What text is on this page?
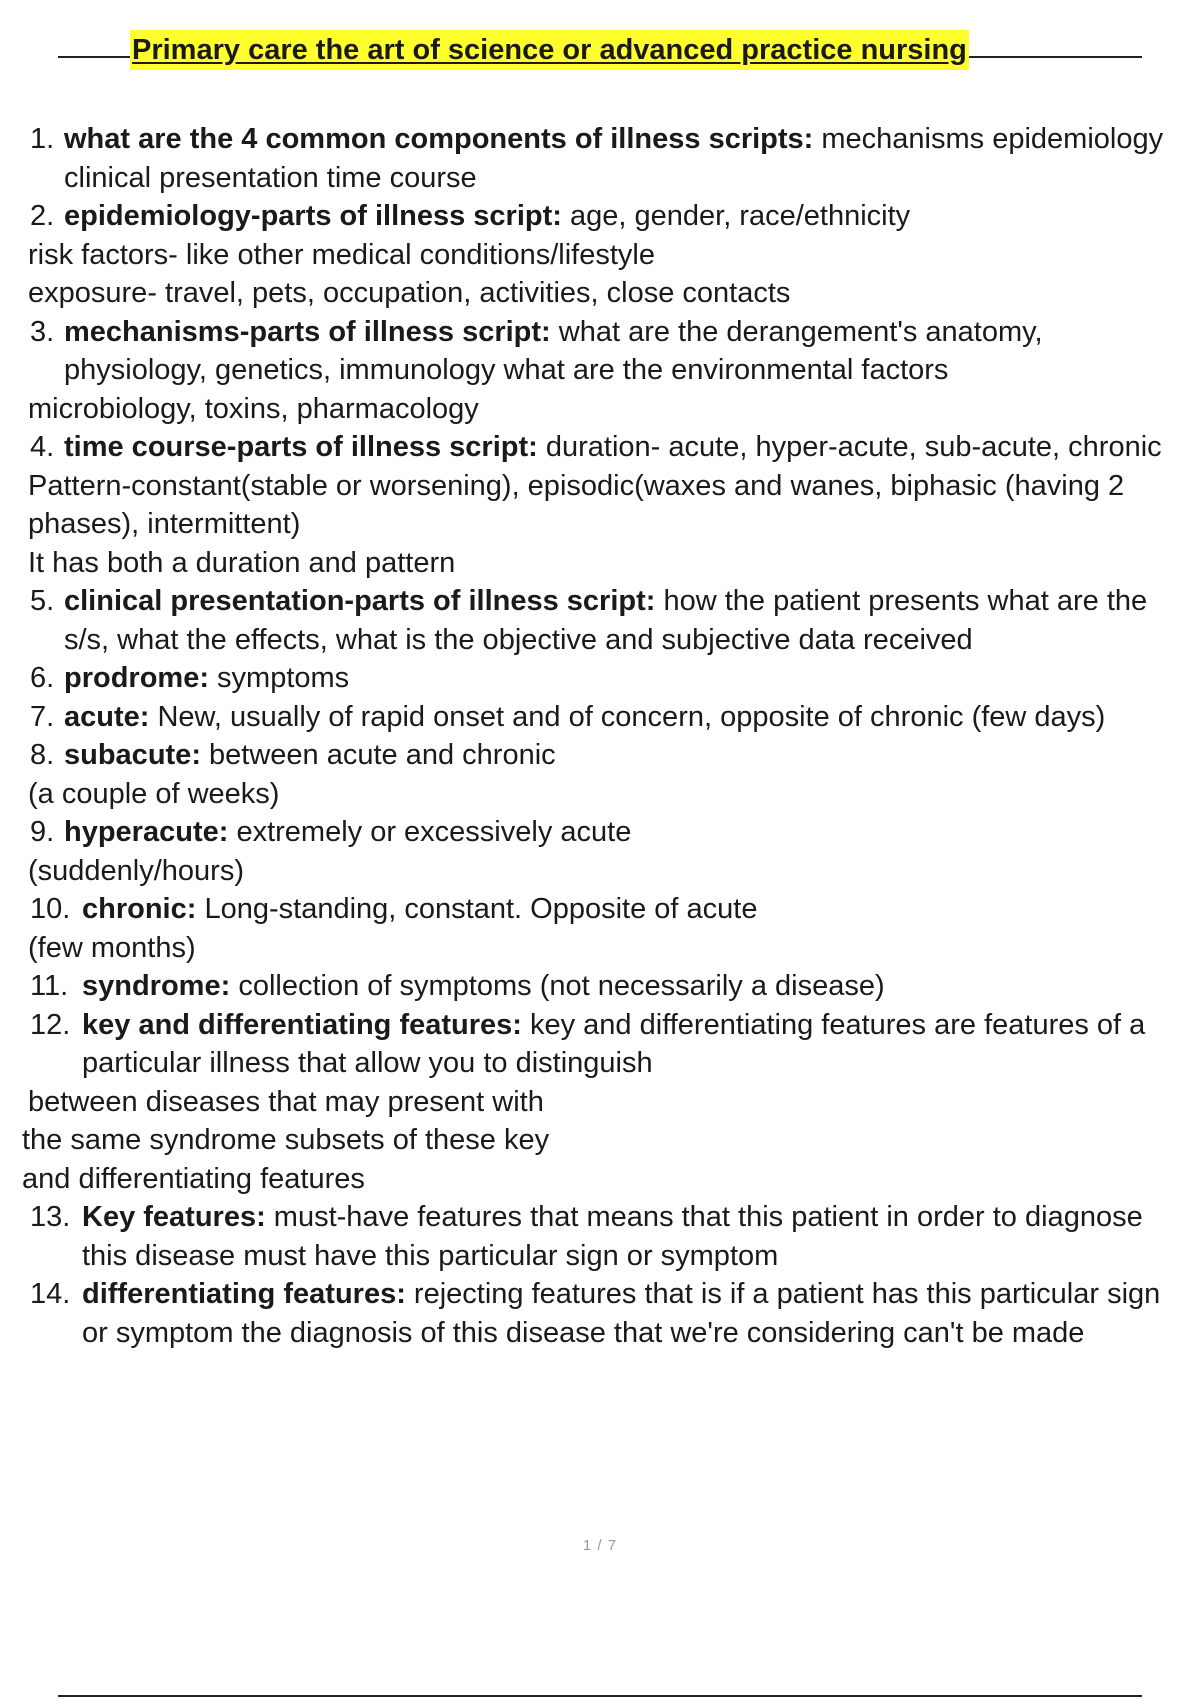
Primary care the art of science or advanced practice nursing
1. what are the 4 common components of illness scripts: mechanisms epidemiology clinical presentation time course
2. epidemiology-parts of illness script: age, gender, race/ethnicity
risk factors- like other medical conditions/lifestyle
exposure- travel, pets, occupation, activities, close contacts
3. mechanisms-parts of illness script: what are the derangement's anatomy, physiology, genetics, immunology what are the environmental factors
microbiology, toxins, pharmacology
4. time course-parts of illness script: duration- acute, hyper-acute, sub-acute, chronic
Pattern-constant(stable or worsening), episodic(waxes and wanes, biphasic (having 2 phases), intermittent)
It has both a duration and pattern
5. clinical presentation-parts of illness script: how the patient presents what are the s/s, what the effects, what is the objective and subjective data received
6. prodrome: symptoms
7. acute: New, usually of rapid onset and of concern, opposite of chronic (few days)
8. subacute: between acute and chronic
(a couple of weeks)
9. hyperacute: extremely or excessively acute
(suddenly/hours)
10. chronic: Long-standing, constant. Opposite of acute
(few months)
11. syndrome: collection of symptoms (not necessarily a disease)
12. key and differentiating features: key and differentiating features are features of a particular illness that allow you to distinguish
between diseases that may present with
the same syndrome subsets of these key
and differentiating features
13. Key features: must-have features that means that this patient in order to diagnose this disease must have this particular sign or symptom
14. differentiating features: rejecting features that is if a patient has this particular sign or symptom the diagnosis of this disease that we're considering can't be made
1 / 7
